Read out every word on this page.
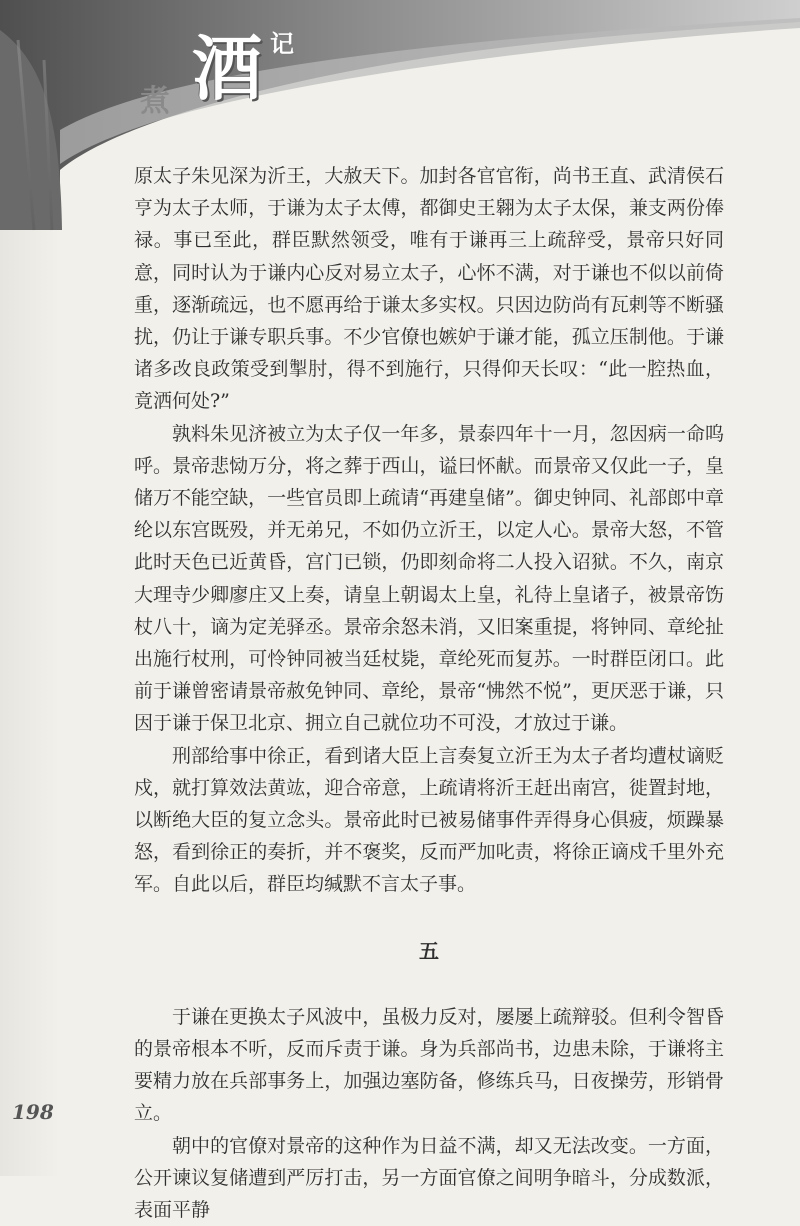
煮 酒 记

原太子朱见深为沂王，大赦天下。加封各官官衔，尚书王直、武清侯石亨为太子太师，于谦为太子太傅，都御史王翱为太子太保，兼支两份俸禄。事已至此，群臣默然领受，唯有于谦再三上疏辞受，景帝只好同意，同时认为于谦内心反对易立太子，心怀不满，对于谦也不似以前倚重，逐渐疏远，也不愿再给于谦太多实权。只因边防尚有瓦剌等不断骚扰，仍让于谦专职兵事。不少官僚也嫉妒于谦才能，孤立压制他。于谦诸多改良政策受到掣肘，得不到施行，只得仰天长叹：“此一腔热血，竟洒何处?”

孰料朱见济被立为太子仅一年多，景泰四年十一月，忽因病一命呜呼。景帝悲恸万分，将之葬于西山，谥曰怀献。而景帝又仅此一子，皇储万不能空缺，一些官员即上疏请“再建皇储”。御史钟同、礼部郎中章纶以东宫既殁，并无弟兄，不如仍立沂王，以定人心。景帝大怒，不管此时天色已近黄昏，宫门已锁，仍即刻命将二人投入诏狱。不久，南京大理寺少卿廖庄又上奏，请皇上朝谒太上皇，礼待上皇诸子，被景帝饬杖八十，谪为定羌驿丞。景帝余怒未消，又旧案重提，将钟同、章纶扯出施行杖刑，可怜钟同被当廷杖毙，章纶死而复苏。一时群臣闭口。此前于谦曾密请景帝赦免钟同、章纶，景帝“怫然不悦”，更厌恶于谦，只因于谦于保卫北京、拥立自己就位功不可没，才放过于谦。

刑部给事中徐正，看到诸大臣上言奏复立沂王为太子者均遭杖谪贬戍，就打算效法黄竑，迎合帝意，上疏请将沂王赶出南宫，徙置封地，以断绝大臣的复立念头。景帝此时已被易储事件弄得身心俱疲，烦躁暴怒，看到徐正的奏折，并不褒奖，反而严加叱责，将徐正谪戍千里外充军。自此以后，群臣均缄默不言太子事。

五

于谦在更换太子风波中，虽极力反对，屡屡上疏辩驳。但利令智昏的景帝根本不听，反而斥责于谦。身为兵部尚书，边患未除，于谦将主要精力放在兵部事务上，加强边塞防备，修练兵马，日夜操劳，形销骨立。

朝中的官僚对景帝的这种作为日益不满，却又无法改变。一方面，公开谏议复储遭到严厉打击，另一方面官僚之间明争暗斗，分成数派，表面平静

198
